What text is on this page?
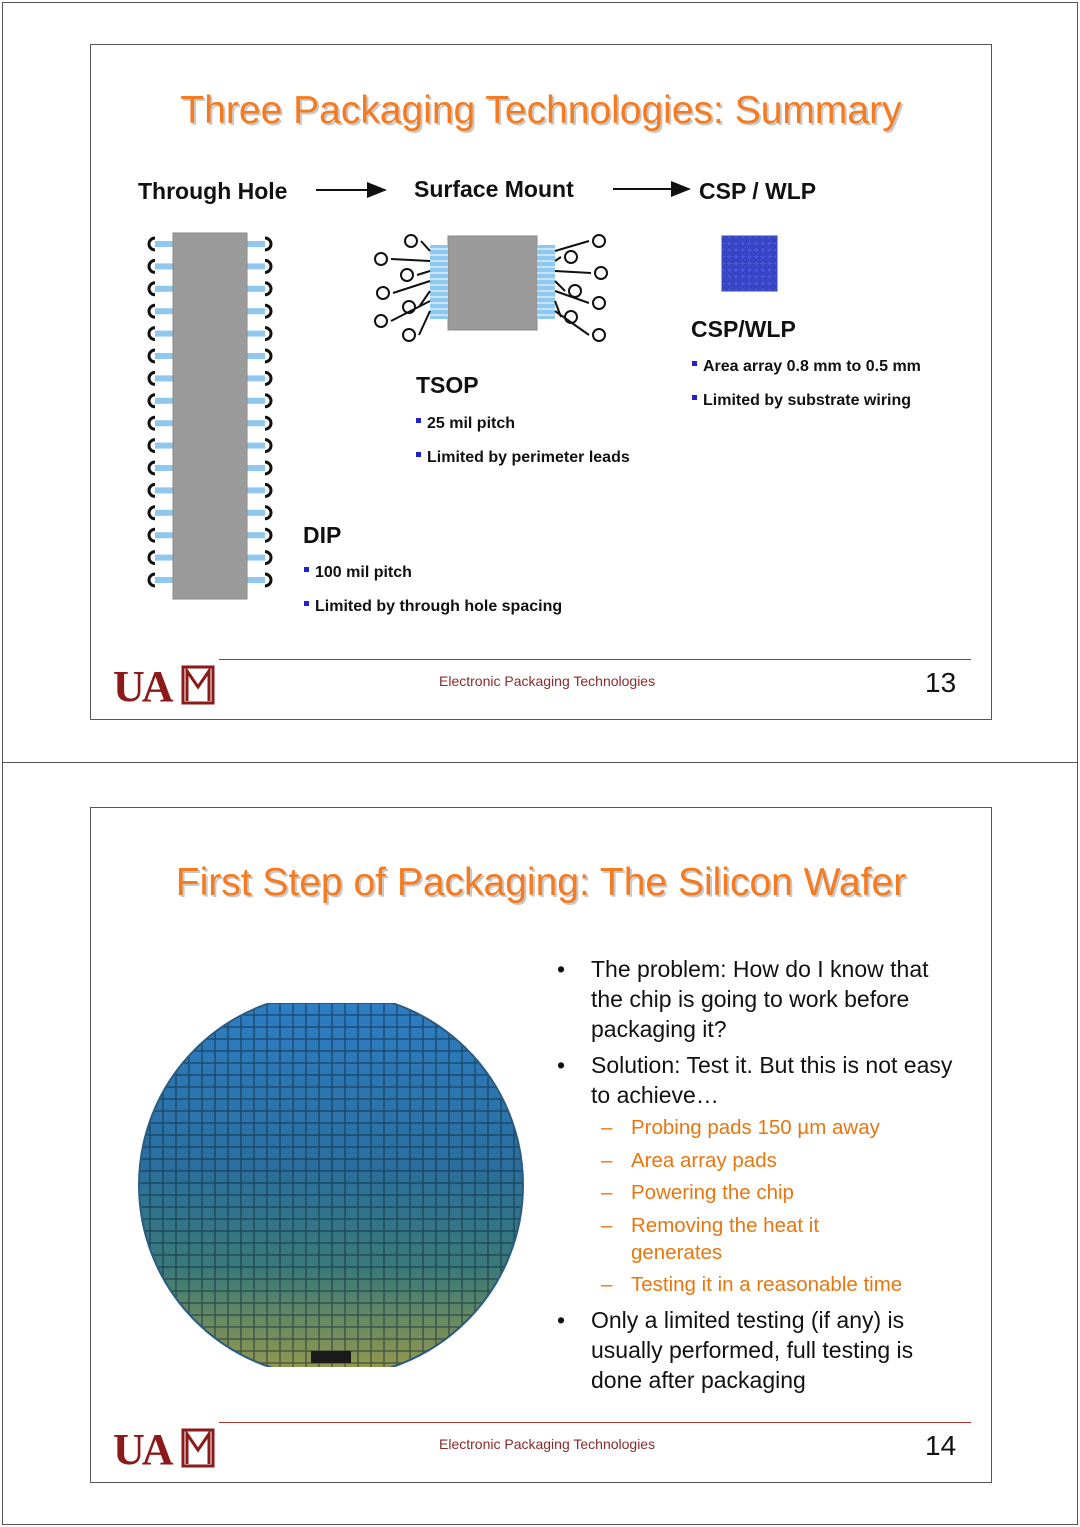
Three Packaging Technologies: Summary
Through Hole	Surface Mount	CSP / WLP
TSOP
25 mil pitch
Limited by perimeter leads
CSP/WLP
Area array 0.8 mm to 0.5 mm
Limited by substrate wiring
DIP
100 mil pitch
Limited by through hole spacing
UA	Electronic Packaging Technologies	13
First Step of Packaging: The Silicon Wafer
• The problem: How do I know that the chip is going to work before packaging it?
• Solution: Test it. But this is not easy to achieve…
– Probing pads 150 µm away
– Area array pads
– Powering the chip
– Removing the heat it generates
– Testing it in a reasonable time
• Only a limited testing (if any) is usually performed, full testing is done after packaging
UA	Electronic Packaging Technologies	14
